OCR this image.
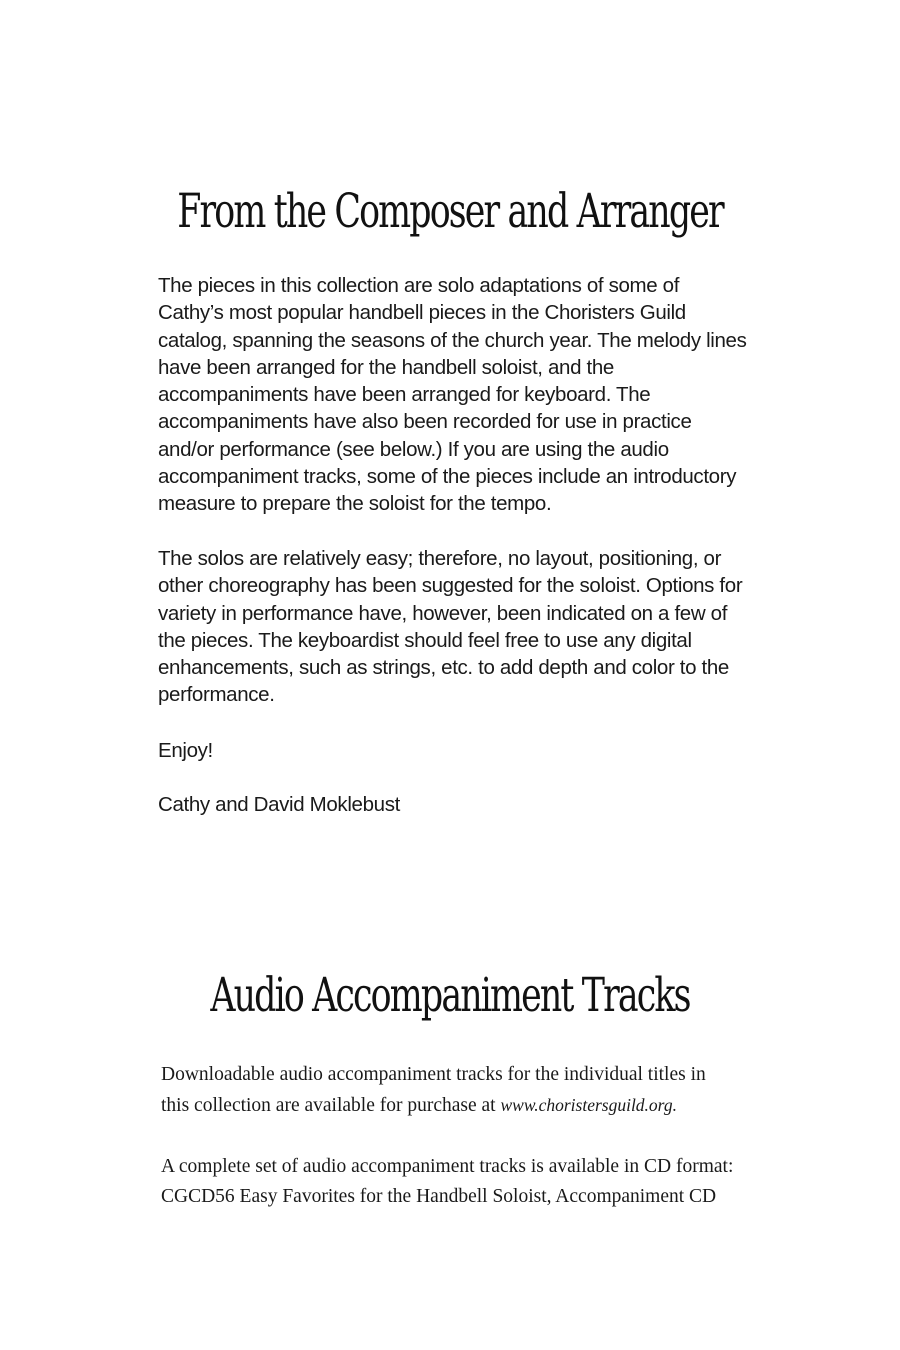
From the Composer and Arranger

The pieces in this collection are solo adaptations of some of Cathy’s most popular handbell pieces in the Choristers Guild catalog, spanning the seasons of the church year. The melody lines have been arranged for the handbell soloist, and the accompaniments have been arranged for keyboard. The accompaniments have also been recorded for use in practice and/or performance (see below.) If you are using the audio accompaniment tracks, some of the pieces include an introductory measure to prepare the soloist for the tempo.

The solos are relatively easy; therefore, no layout, positioning, or other choreography has been suggested for the soloist. Options for variety in performance have, however, been indicated on a few of the pieces. The keyboardist should feel free to use any digital enhancements, such as strings, etc. to add depth and color to the performance.

Enjoy!

Cathy and David Moklebust

Audio Accompaniment Tracks

Downloadable audio accompaniment tracks for the individual titles in
this collection are available for purchase at www.choristersguild.org.

A complete set of audio accompaniment tracks is available in CD format:
CGCD56 Easy Favorites for the Handbell Soloist, Accompaniment CD
